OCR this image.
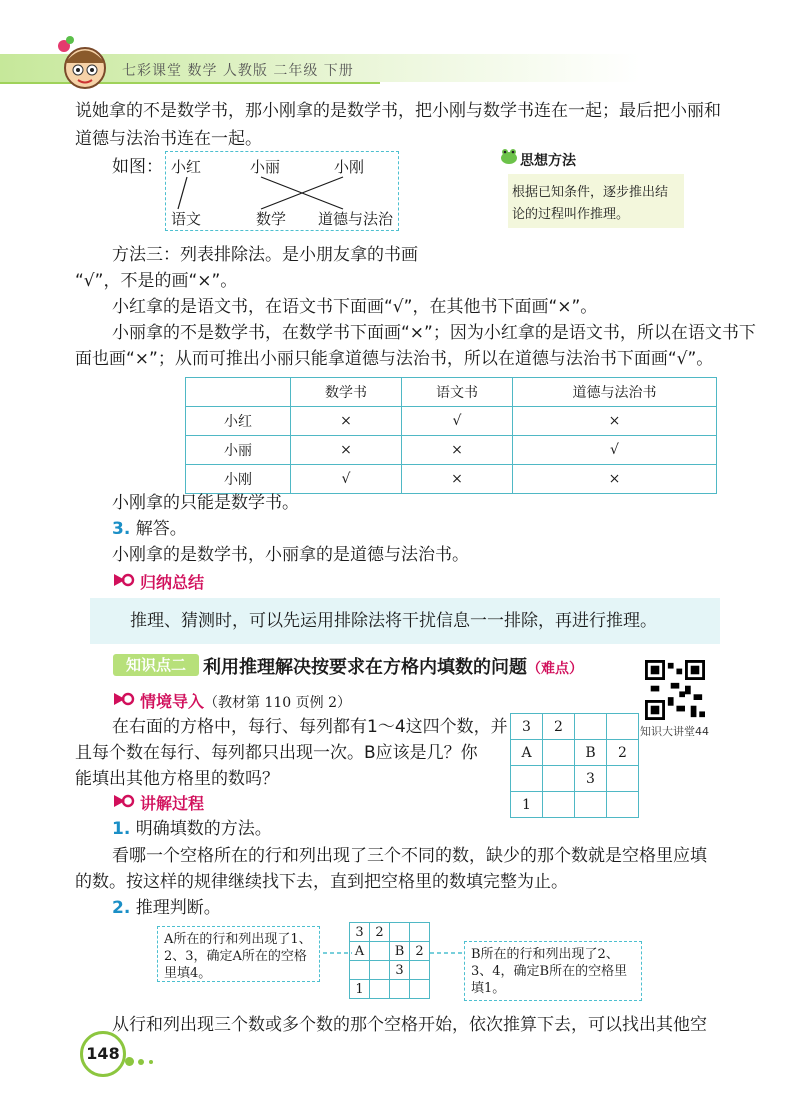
七彩课堂 数学 人教版 二年级 下册
说她拿的不是数学书，那小刚拿的是数学书，把小刚与数学书连在一起；最后把小丽和
道德与法治书连在一起。
如图： 小红	小丽	小刚
语文	数学 道德与法治
思想方法
根据已知条件，逐步推出结论的过程叫作推理。
方法三：列表排除法。是小朋友拿的书画
“√”，不是的画“×”。
小红拿的是语文书，在语文书下面画“√”，在其他书下面画“×”。
小丽拿的不是数学书，在数学书下面画“×”；因为小红拿的是语文书，所以在语文书下
面也画“×”；从而可推出小丽只能拿道德与法治书，所以在道德与法治书下面画“√”。
	数学书	语文书	道德与法治书
小红	×	√	×
小丽	×	×	√
小刚	√	×	×
小刚拿的只能是数学书。
3. 解答。
小刚拿的是数学书，小丽拿的是道德与法治书。
归纳总结
推理、猜测时，可以先运用排除法将干扰信息一一排除，再进行推理。
知识点二 利用推理解决按要求在方格内填数的问题（难点）
知识大讲堂44
情境导入（教材第 110 页例 2）
在右面的方格中，每行、每列都有1～4这四个数，并
且每个数在每行、每列都只出现一次。B应该是几？你
能填出其他方格里的数吗？
3	2		
A		B	2
		3	
1			
讲解过程
1. 明确填数的方法。
看哪一个空格所在的行和列出现了三个不同的数，缺少的那个数就是空格里应填
的数。按这样的规律继续找下去，直到把空格里的数填完整为止。
2. 推理判断。
A所在的行和列出现了1、2、3，确定A所在的空格里填4。
3	2		
A		B	2
		3	
1			
B所在的行和列出现了2、3、4，确定B所在的空格里填1。
从行和列出现三个数或多个数的那个空格开始，依次推算下去，可以找出其他空
148
